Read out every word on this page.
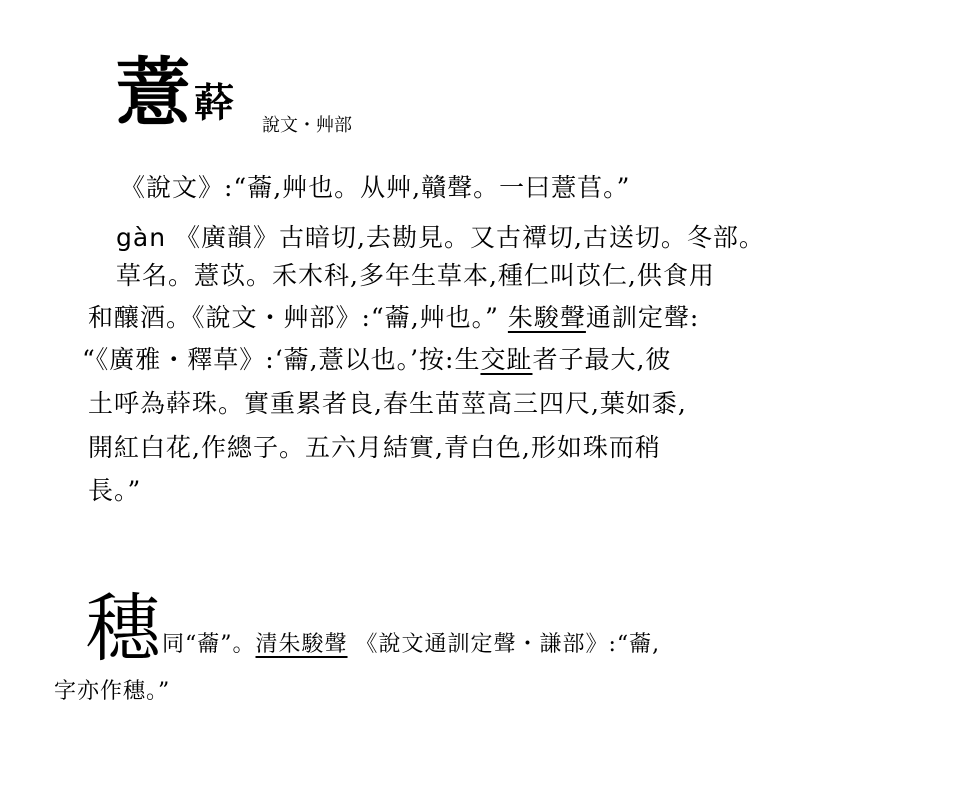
薏 𦼮 說文・艸部
《說文》:“蘥,艸也。从艸,贛聲。一曰薏苢。”
gàn 《廣韻》古暗切,去勘見。又古禫切,古送切。冬部。
草名。薏苡。禾木科,多年生草本,種仁叫苡仁,供食用
和釀酒。《說文・艸部》:“蘥,艸也。” 朱駿聲通訓定聲:
“《廣雅・釋草》:‘蘥,薏以也。’按:生交趾者子最大,彼
土呼為𦼮珠。實重累者良,春生苗莖高三四尺,葉如黍,
開紅白花,作總子。五六月結實,青白色,形如珠而稍
長。”
穗 同“蘥”。清朱駿聲 《說文通訓定聲・謙部》:“蘥,
字亦作穗。”
